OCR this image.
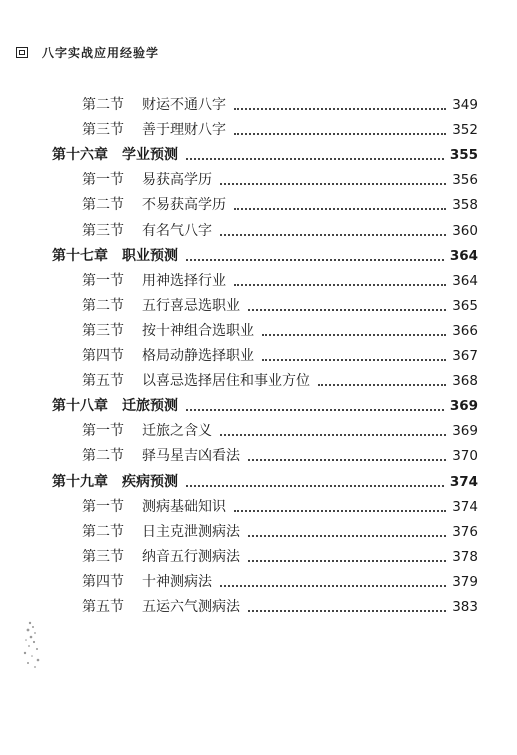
八字实战应用经验学
第二节 财运不通八字	349
第三节 善于理财八字	352
第十六章 学业预测	355
第一节 易获高学历	356
第二节 不易获高学历	358
第三节 有名气八字	360
第十七章 职业预测	364
第一节 用神选择行业	364
第二节 五行喜忌选职业	365
第三节 按十神组合选职业	366
第四节 格局动静选择职业	367
第五节 以喜忌选择居住和事业方位	368
第十八章 迁旅预测	369
第一节 迁旅之含义	369
第二节 驿马星吉凶看法	370
第十九章 疾病预测	374
第一节 测病基础知识	374
第二节 日主克泄测病法	376
第三节 纳音五行测病法	378
第四节 十神测病法	379
第五节 五运六气测病法	383
